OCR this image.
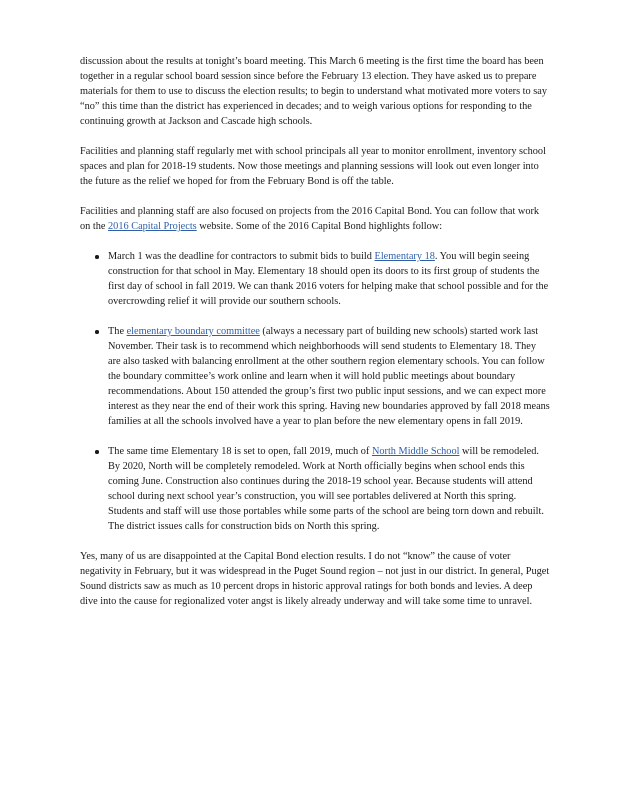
discussion about the results at tonight’s board meeting. This March 6 meeting is the first time the board has been together in a regular school board session since before the February 13 election. They have asked us to prepare materials for them to use to discuss the election results; to begin to understand what motivated more voters to say “no” this time than the district has experienced in decades; and to weigh various options for responding to the continuing growth at Jackson and Cascade high schools.

Facilities and planning staff regularly met with school principals all year to monitor enrollment, inventory school spaces and plan for 2018-19 students. Now those meetings and planning sessions will look out even longer into the future as the relief we hoped for from the February Bond is off the table.

Facilities and planning staff are also focused on projects from the 2016 Capital Bond. You can follow that work on the 2016 Capital Projects website. Some of the 2016 Capital Bond highlights follow:

March 1 was the deadline for contractors to submit bids to build Elementary 18. You will begin seeing construction for that school in May. Elementary 18 should open its doors to its first group of students the first day of school in fall 2019. We can thank 2016 voters for helping make that school possible and for the overcrowding relief it will provide our southern schools.
The elementary boundary committee (always a necessary part of building new schools) started work last November. Their task is to recommend which neighborhoods will send students to Elementary 18. They are also tasked with balancing enrollment at the other southern region elementary schools. You can follow the boundary committee’s work online and learn when it will hold public meetings about boundary recommendations. About 150 attended the group’s first two public input sessions, and we can expect more interest as they near the end of their work this spring. Having new boundaries approved by fall 2018 means families at all the schools involved have a year to plan before the new elementary opens in fall 2019.
The same time Elementary 18 is set to open, fall 2019, much of North Middle School will be remodeled. By 2020, North will be completely remodeled. Work at North officially begins when school ends this coming June. Construction also continues during the 2018-19 school year. Because students will attend school during next school year’s construction, you will see portables delivered at North this spring. Students and staff will use those portables while some parts of the school are being torn down and rebuilt. The district issues calls for construction bids on North this spring.

Yes, many of us are disappointed at the Capital Bond election results. I do not “know” the cause of voter negativity in February, but it was widespread in the Puget Sound region – not just in our district. In general, Puget Sound districts saw as much as 10 percent drops in historic approval ratings for both bonds and levies. A deep dive into the cause for regionalized voter angst is likely already underway and will take some time to unravel.
